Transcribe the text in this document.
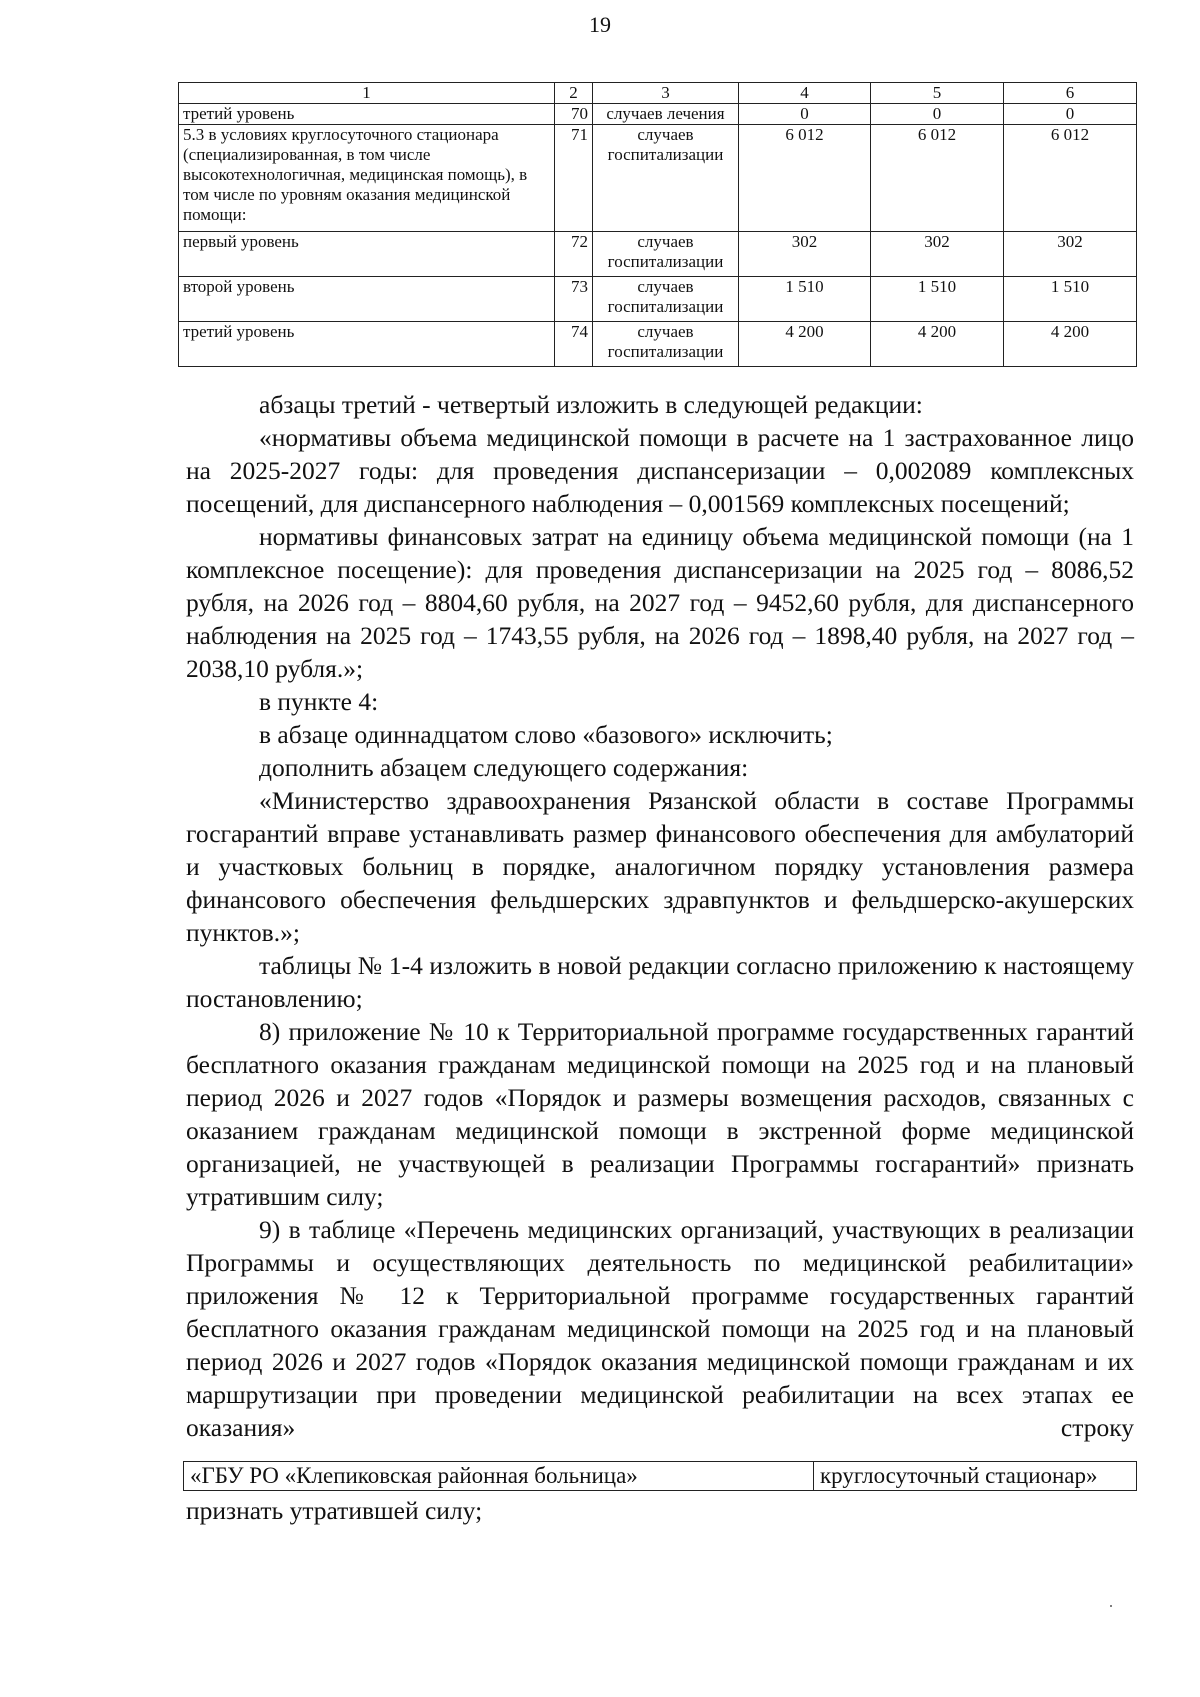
19
1	2	3	4	5	6
третий уровень	70	случаев лечения	0	0	0
5.3 в условиях круглосуточного стационара (специализированная, в том числе высокотехнологичная, медицинская помощь), в том числе по уровням оказания медицинской помощи:	71	случаев госпитализации	6 012	6 012	6 012
первый уровень	72	случаев госпитализации	302	302	302
второй уровень	73	случаев госпитализации	1 510	1 510	1 510
третий уровень	74	случаев госпитализации	4 200	4 200	4 200

абзацы третий - четвертый изложить в следующей редакции:

«нормативы объема медицинской помощи в расчете на 1 застрахованное лицо на 2025-2027 годы: для проведения диспансеризации – 0,002089 комплексных посещений, для диспансерного наблюдения – 0,001569 комплексных посещений;

нормативы финансовых затрат на единицу объема медицинской помощи (на 1 комплексное посещение): для проведения диспансеризации на 2025 год – 8086,52 рубля, на 2026 год – 8804,60 рубля, на 2027 год – 9452,60 рубля, для диспансерного наблюдения на 2025 год – 1743,55 рубля, на 2026 год – 1898,40 рубля, на 2027 год – 2038,10 рубля.»;

в пункте 4:

в абзаце одиннадцатом слово «базового» исключить;

дополнить абзацем следующего содержания:

«Министерство здравоохранения Рязанской области в составе Программы госгарантий вправе устанавливать размер финансового обеспечения для амбулаторий и участковых больниц в порядке, аналогичном порядку установления размера финансового обеспечения фельдшерских здравпунктов и фельдшерско-акушерских пунктов.»;

таблицы № 1-4 изложить в новой редакции согласно приложению к настоящему постановлению;

8) приложение № 10 к Территориальной программе государственных гарантий бесплатного оказания гражданам медицинской помощи на 2025 год и на плановый период 2026 и 2027 годов «Порядок и размеры возмещения расходов, связанных с оказанием гражданам медицинской помощи в экстренной форме медицинской организацией, не участвующей в реализации Программы госгарантий» признать утратившим силу;

9) в таблице «Перечень медицинских организаций, участвующих в реализации Программы и осуществляющих деятельность по медицинской реабилитации» приложения № 12 к Территориальной программе государственных гарантий бесплатного оказания гражданам медицинской помощи на 2025 год и на плановый период 2026 и 2027 годов «Порядок оказания медицинской помощи гражданам и их маршрутизации при проведении медицинской реабилитации на всех этапах ее оказания» строку

«ГБУ РО «Клепиковская районная больница»	круглосуточный стационар»
признать утратившей силу;
